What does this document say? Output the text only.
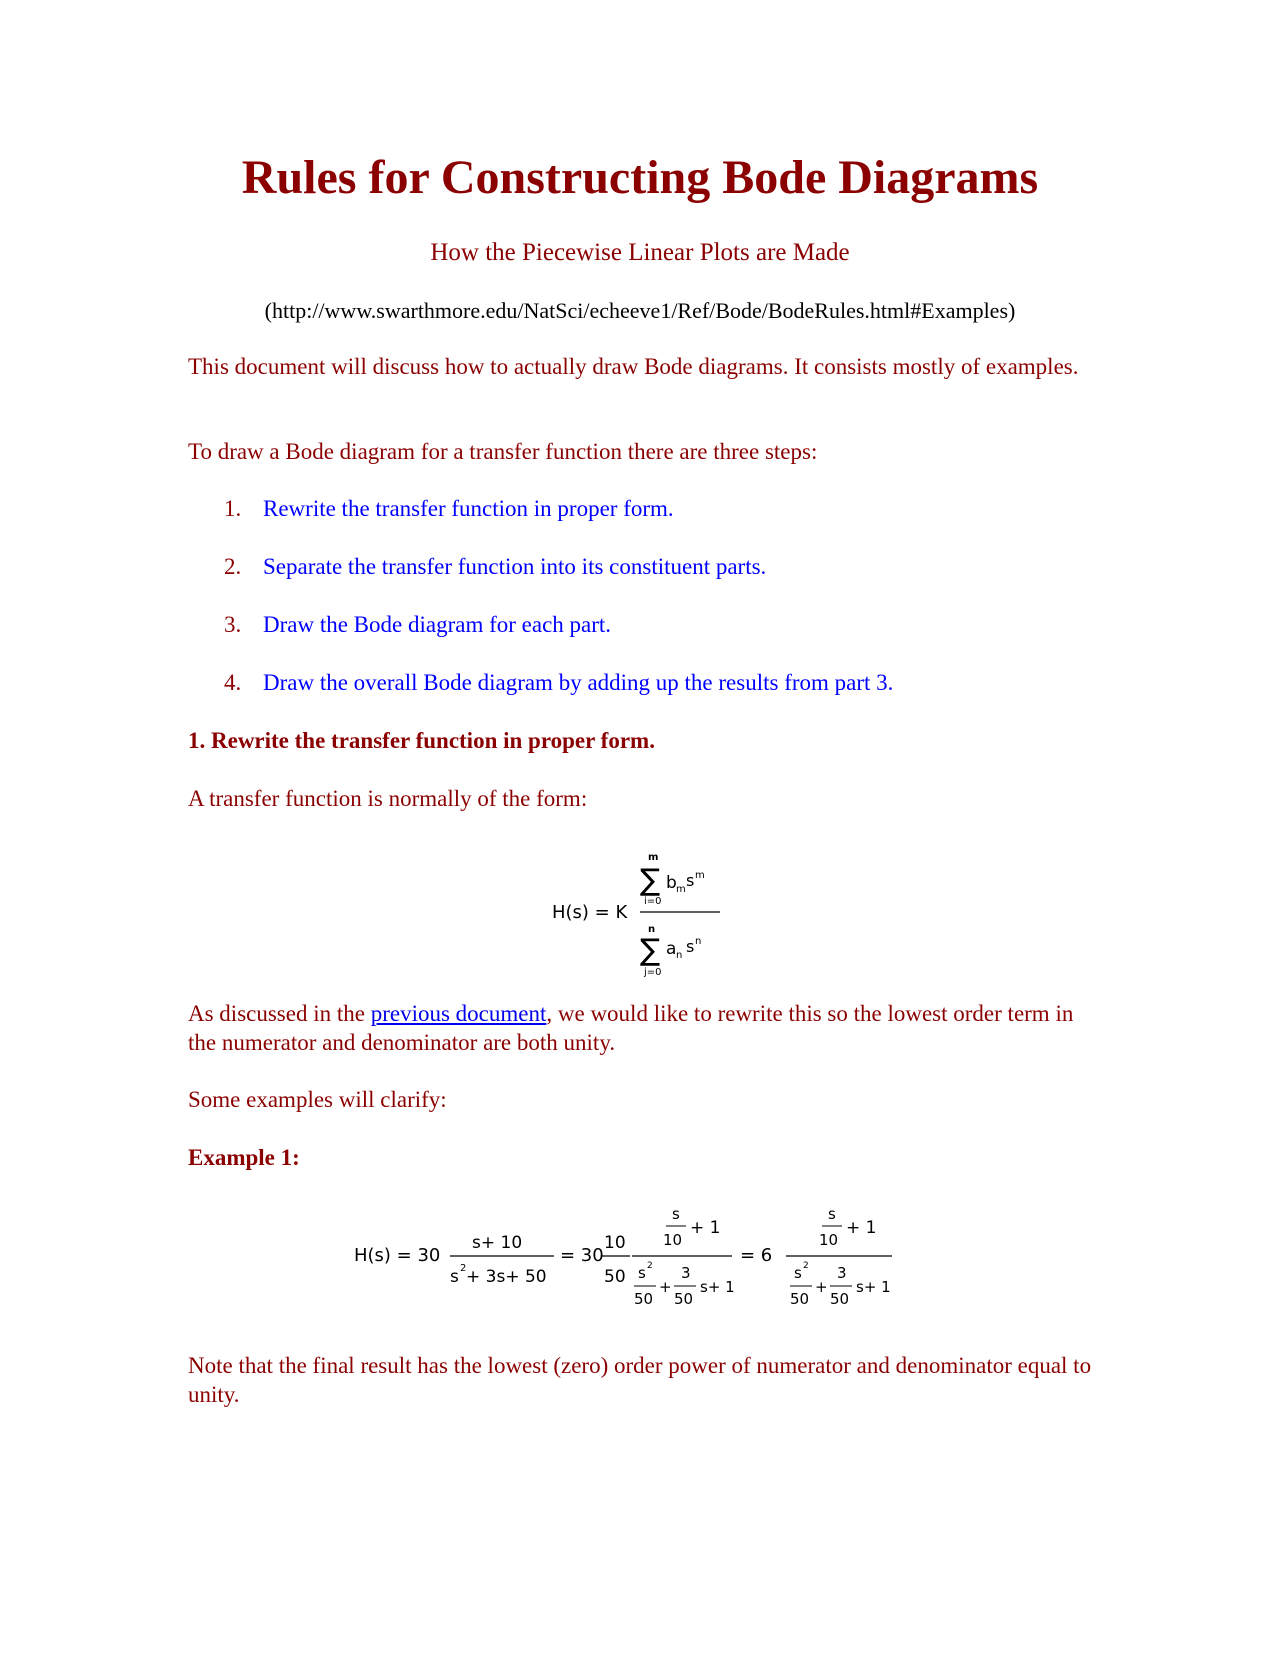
Rules for Constructing Bode Diagrams
How the Piecewise Linear Plots are Made
(http://www.swarthmore.edu/NatSci/echeeve1/Ref/Bode/BodeRules.html#Examples)
This document will discuss how to actually draw Bode diagrams. It consists mostly of examples.
To draw a Bode diagram for a transfer function there are three steps:
1. Rewrite the transfer function in proper form.
2. Separate the transfer function into its constituent parts.
3. Draw the Bode diagram for each part.
4. Draw the overall Bode diagram by adding up the results from part 3.
1. Rewrite the transfer function in proper form.
A transfer function is normally of the form:
H(s) = K
m
∑
i=0
b m s m
n
∑
j=0
a n s n
As discussed in the previous document, we would like to rewrite this so the lowest order term in the numerator and denominator are both unity.
Some examples will clarify:
Example 1:
H(s) = 30
s+ 10
s 2 + 3s+ 50
= 30
10
50
s
10
+ 1
s 2
50
+
3
50
s+ 1
= 6
s
10
+ 1
s 2
50
+
3
50
s+ 1
Note that the final result has the lowest (zero) order power of numerator and denominator equal to unity.
